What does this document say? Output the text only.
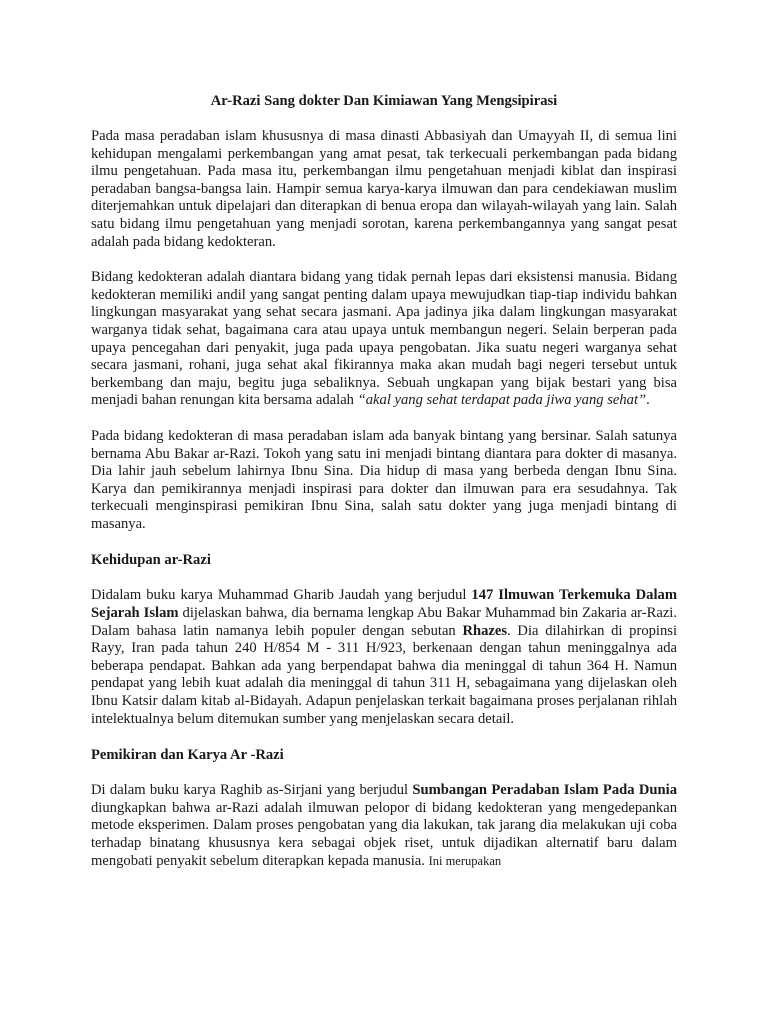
Ar-Razi Sang dokter Dan Kimiawan Yang Mengsipirasi

Pada masa peradaban islam khususnya di masa dinasti Abbasiyah dan Umayyah II, di semua lini kehidupan mengalami perkembangan yang amat pesat, tak terkecuali perkembangan pada bidang ilmu pengetahuan. Pada masa itu, perkembangan ilmu pengetahuan menjadi kiblat dan inspirasi peradaban bangsa-bangsa lain. Hampir semua karya-karya ilmuwan dan para cendekiawan muslim diterjemahkan untuk dipelajari dan diterapkan di benua eropa dan wilayah-wilayah yang lain. Salah satu bidang ilmu pengetahuan yang menjadi sorotan, karena perkembangannya yang sangat pesat adalah pada bidang kedokteran.

Bidang kedokteran adalah diantara bidang yang tidak pernah lepas dari eksistensi manusia. Bidang kedokteran memiliki andil yang sangat penting dalam upaya mewujudkan tiap-tiap individu bahkan lingkungan masyarakat yang sehat secara jasmani. Apa jadinya jika dalam lingkungan masyarakat warganya tidak sehat, bagaimana cara atau upaya untuk membangun negeri. Selain berperan pada upaya pencegahan dari penyakit, juga pada upaya pengobatan. Jika suatu negeri warganya sehat secara jasmani, rohani, juga sehat akal fikirannya maka akan mudah bagi negeri tersebut untuk berkembang dan maju, begitu juga sebaliknya. Sebuah ungkapan yang bijak bestari yang bisa menjadi bahan renungan kita bersama adalah “akal yang sehat terdapat pada jiwa yang sehat”.

Pada bidang kedokteran di masa peradaban islam ada banyak bintang yang bersinar. Salah satunya bernama Abu Bakar ar-Razi. Tokoh yang satu ini menjadi bintang diantara para dokter di masanya. Dia lahir jauh sebelum lahirnya Ibnu Sina. Dia hidup di masa yang berbeda dengan Ibnu Sina. Karya dan pemikirannya menjadi inspirasi para dokter dan ilmuwan para era sesudahnya. Tak terkecuali menginspirasi pemikiran Ibnu Sina, salah satu dokter yang juga menjadi bintang di masanya.

Kehidupan ar-Razi

Didalam buku karya Muhammad Gharib Jaudah yang berjudul 147 Ilmuwan Terkemuka Dalam Sejarah Islam dijelaskan bahwa, dia bernama lengkap Abu Bakar Muhammad bin Zakaria ar-Razi. Dalam bahasa latin namanya lebih populer dengan sebutan Rhazes. Dia dilahirkan di propinsi Rayy, Iran pada tahun 240 H/854 M - 311 H/923, berkenaan dengan tahun meninggalnya ada beberapa pendapat. Bahkan ada yang berpendapat bahwa dia meninggal di tahun 364 H. Namun pendapat yang lebih kuat adalah dia meninggal di tahun 311 H, sebagaimana yang dijelaskan oleh Ibnu Katsir dalam kitab al-Bidayah. Adapun penjelaskan terkait bagaimana proses perjalanan rihlah intelektualnya belum ditemukan sumber yang menjelaskan secara detail.

Pemikiran dan Karya Ar -Razi

Di dalam buku karya Raghib as-Sirjani yang berjudul Sumbangan Peradaban Islam Pada Dunia diungkapkan bahwa ar-Razi adalah ilmuwan pelopor di bidang kedokteran yang mengedepankan metode eksperimen. Dalam proses pengobatan yang dia lakukan, tak jarang dia melakukan uji coba terhadap binatang khususnya kera sebagai objek riset, untuk dijadikan alternatif baru dalam mengobati penyakit sebelum diterapkan kepada manusia. Ini merupakan
